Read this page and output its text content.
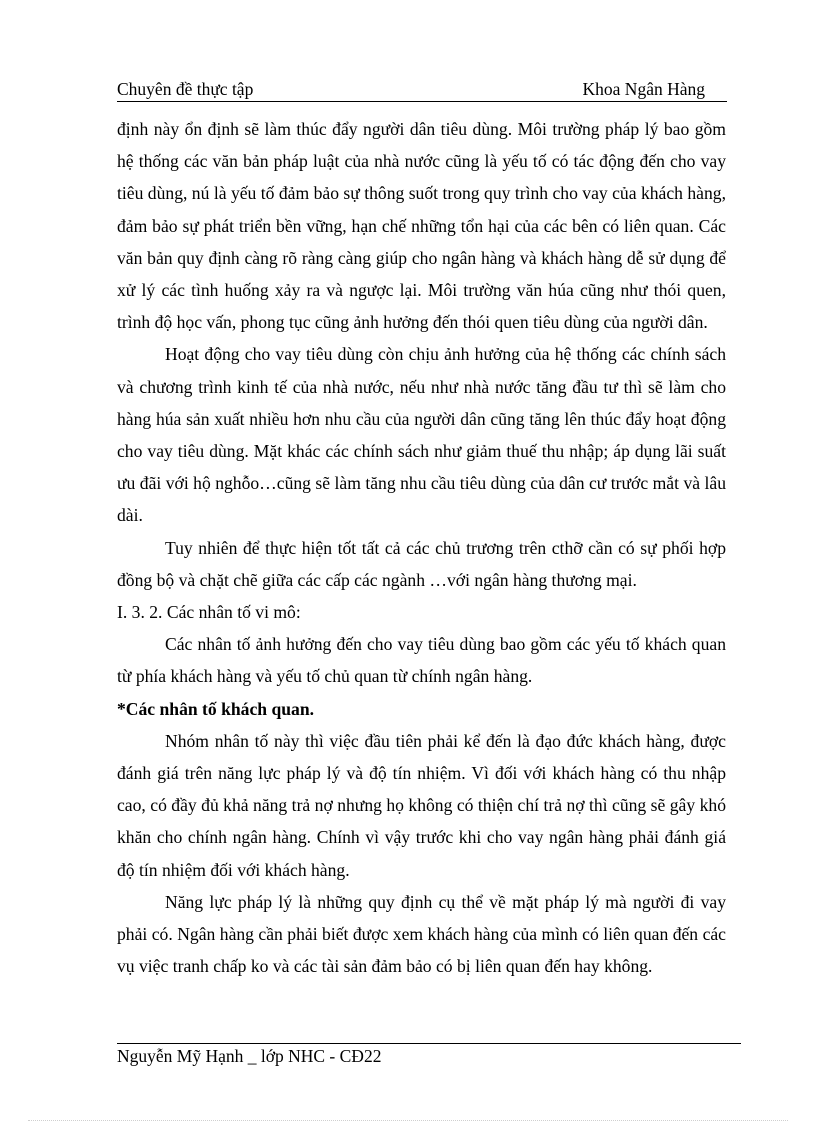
Chuyên đề thực tập	Khoa Ngân Hàng

định này ổn định sẽ làm thúc đẩy người dân tiêu dùng. Môi trường pháp lý bao gồm hệ thống các văn bản pháp luật của nhà nước cũng là yếu tố có tác động đến cho vay tiêu dùng, nú là yếu tố đảm bảo sự thông suốt trong quy trình cho vay của khách hàng, đảm bảo sự phát triển bền vững, hạn chế những tổn hại của các bên có liên quan. Các văn bản quy định càng rõ ràng càng giúp cho ngân hàng và khách hàng dễ sử dụng để xử lý các tình huống xảy ra và ngược lại. Môi trường văn húa cũng như thói quen, trình độ học vấn, phong tục cũng ảnh hưởng đến thói quen tiêu dùng của người dân.

Hoạt động cho vay tiêu dùng còn chịu ảnh hưởng của hệ thống các chính sách và chương trình kinh tế của nhà nước, nếu như nhà nước tăng đầu tư thì sẽ làm cho hàng húa sản xuất nhiều hơn nhu cầu của người dân cũng tăng lên thúc đẩy hoạt động cho vay tiêu dùng. Mặt khác các chính sách như giảm thuế thu nhập; áp dụng lãi suất ưu đãi với hộ nghỗo…cũng sẽ làm tăng nhu cầu tiêu dùng của dân cư trước mắt và lâu dài.

Tuy nhiên để thực hiện tốt tất cả các chủ trương trên cthỡ cần có sự phối hợp đồng bộ và chặt chẽ giữa các cấp các ngành …với ngân hàng thương mại.

I. 3. 2. Các nhân tố vi mô:

Các nhân tố ảnh hưởng đến cho vay tiêu dùng bao gồm các yếu tố khách quan từ phía khách hàng và yếu tố chủ quan từ chính ngân hàng.

*Các nhân tố khách quan.

Nhóm nhân tố này thì việc đầu tiên phải kể đến là đạo đức khách hàng, được đánh giá trên năng lực pháp lý và độ tín nhiệm. Vì đối với khách hàng có thu nhập cao, có đầy đủ khả năng trả nợ nhưng họ không có thiện chí trả nợ thì cũng sẽ gây khó khăn cho chính ngân hàng. Chính vì vậy trước khi cho vay ngân hàng phải đánh giá độ tín nhiệm đối với khách hàng.

Năng lực pháp lý là những quy định cụ thể về mặt pháp lý mà người đi vay phải có. Ngân hàng cần phải biết được xem khách hàng của mình có liên quan đến các vụ việc tranh chấp ko và các tài sản đảm bảo có bị liên quan đến hay không.

Nguyễn Mỹ Hạnh _ lớp NHC - CĐ22
